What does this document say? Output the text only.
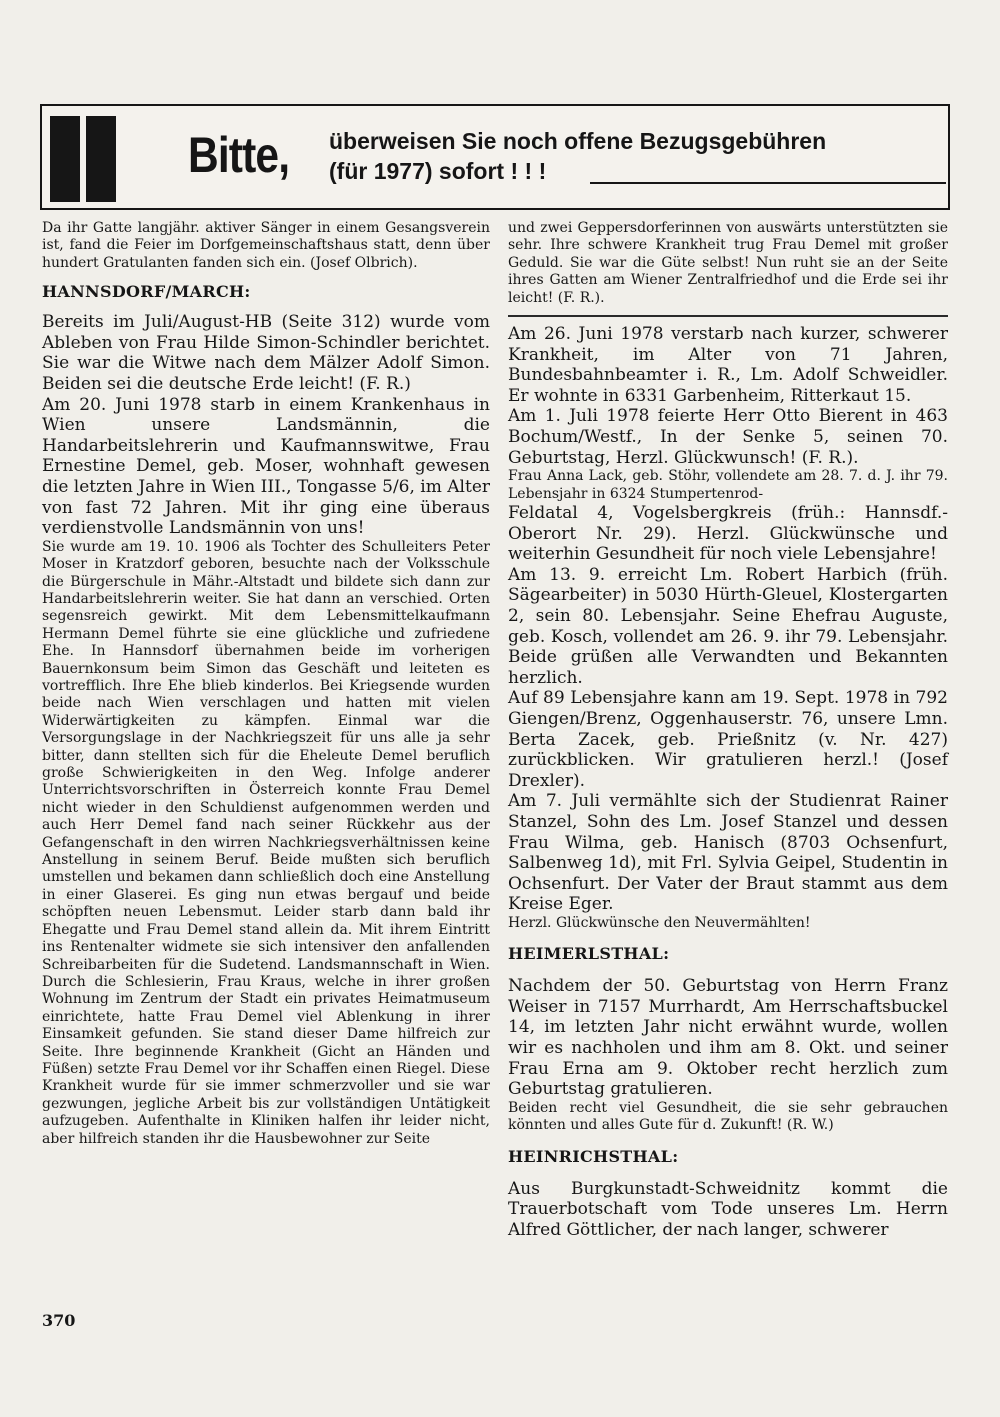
Bitte, überweisen Sie noch offene Bezugsgebühren
(für 1977) sofort ! ! !

Da ihr Gatte langjähr. aktiver Sänger in einem Gesangsverein ist, fand die Feier im Dorfgemeinschaftshaus statt, denn über hundert Gratulanten fanden sich ein. (Josef Olbrich).

HANNSDORF/MARCH:

Bereits im Juli/August-HB (Seite 312) wurde vom Ableben von Frau Hilde Simon-Schindler berichtet. Sie war die Witwe nach dem Mälzer Adolf Simon. Beiden sei die deutsche Erde leicht! (F. R.)

Am 20. Juni 1978 starb in einem Krankenhaus in Wien unsere Landsmännin, die Handarbeitslehrerin und Kaufmannswitwe, Frau Ernestine Demel, geb. Moser, wohnhaft gewesen die letzten Jahre in Wien III., Tongasse 5/6, im Alter von fast 72 Jahren. Mit ihr ging eine überaus verdienstvolle Landsmännin von uns!

Sie wurde am 19. 10. 1906 als Tochter des Schulleiters Peter Moser in Kratzdorf geboren, besuchte nach der Volksschule die Bürgerschule in Mähr.-Altstadt und bildete sich dann zur Handarbeitslehrerin weiter. Sie hat dann an verschied. Orten segensreich gewirkt. Mit dem Lebensmittelkaufmann Hermann Demel führte sie eine glückliche und zufriedene Ehe. In Hannsdorf übernahmen beide im vorherigen Bauernkonsum beim Simon das Geschäft und leiteten es vortrefflich. Ihre Ehe blieb kinderlos. Bei Kriegsende wurden beide nach Wien verschlagen und hatten mit vielen Widerwärtigkeiten zu kämpfen. Einmal war die Versorgungslage in der Nachkriegszeit für uns alle ja sehr bitter, dann stellten sich für die Eheleute Demel beruflich große Schwierigkeiten in den Weg. Infolge anderer Unterrichtsvorschriften in Österreich konnte Frau Demel nicht wieder in den Schuldienst aufgenommen werden und auch Herr Demel fand nach seiner Rückkehr aus der Gefangenschaft in den wirren Nachkriegsverhältnissen keine Anstellung in seinem Beruf. Beide mußten sich beruflich umstellen und bekamen dann schließlich doch eine Anstellung in einer Glaserei. Es ging nun etwas bergauf und beide schöpften neuen Lebensmut. Leider starb dann bald ihr Ehegatte und Frau Demel stand allein da. Mit ihrem Eintritt ins Rentenalter widmete sie sich intensiver den anfallenden Schreibarbeiten für die Sudetend. Landsmannschaft in Wien. Durch die Schlesierin, Frau Kraus, welche in ihrer großen Wohnung im Zentrum der Stadt ein privates Heimatmuseum einrichtete, hatte Frau Demel viel Ablenkung in ihrer Einsamkeit gefunden. Sie stand dieser Dame hilfreich zur Seite. Ihre beginnende Krankheit (Gicht an Händen und Füßen) setzte Frau Demel vor ihr Schaffen einen Riegel. Diese Krankheit wurde für sie immer schmerzvoller und sie war gezwungen, jegliche Arbeit bis zur vollständigen Untätigkeit aufzugeben. Aufenthalte in Kliniken halfen ihr leider nicht, aber hilfreich standen ihr die Hausbewohner zur Seite

und zwei Geppersdorferinnen von auswärts unterstützten sie sehr. Ihre schwere Krankheit trug Frau Demel mit großer Geduld. Sie war die Güte selbst! Nun ruht sie an der Seite ihres Gatten am Wiener Zentralfriedhof und die Erde sei ihr leicht! (F. R.).

Am 26. Juni 1978 verstarb nach kurzer, schwerer Krankheit, im Alter von 71 Jahren, Bundesbahnbeamter i. R., Lm. Adolf Schweidler. Er wohnte in 6331 Garbenheim, Ritterkaut 15.

Am 1. Juli 1978 feierte Herr Otto Bierent in 463 Bochum/Westf., In der Senke 5, seinen 70. Geburtstag, Herzl. Glückwunsch! (F. R.).

Frau Anna Lack, geb. Stöhr, vollendete am 28. 7. d. J. ihr 79. Lebensjahr in 6324 Stumpertenrod-

Feldatal 4, Vogelsbergkreis (früh.: Hannsdf.-Oberort Nr. 29). Herzl. Glückwünsche und weiterhin Gesundheit für noch viele Lebensjahre!

Am 13. 9. erreicht Lm. Robert Harbich (früh. Sägearbeiter) in 5030 Hürth-Gleuel, Klostergarten 2, sein 80. Lebensjahr. Seine Ehefrau Auguste, geb. Kosch, vollendet am 26. 9. ihr 79. Lebensjahr. Beide grüßen alle Verwandten und Bekannten herzlich.

Auf 89 Lebensjahre kann am 19. Sept. 1978 in 792 Giengen/Brenz, Oggenhauserstr. 76, unsere Lmn. Berta Zacek, geb. Prießnitz (v. Nr. 427) zurückblicken. Wir gratulieren herzl.! (Josef Drexler).

Am 7. Juli vermählte sich der Studienrat Rainer Stanzel, Sohn des Lm. Josef Stanzel und dessen Frau Wilma, geb. Hanisch (8703 Ochsenfurt, Salbenweg 1d), mit Frl. Sylvia Geipel, Studentin in Ochsenfurt. Der Vater der Braut stammt aus dem Kreise Eger.

Herzl. Glückwünsche den Neuvermählten!

HEIMERLSTHAL:

Nachdem der 50. Geburtstag von Herrn Franz Weiser in 7157 Murrhardt, Am Herrschaftsbuckel 14, im letzten Jahr nicht erwähnt wurde, wollen wir es nachholen und ihm am 8. Okt. und seiner Frau Erna am 9. Oktober recht herzlich zum Geburtstag gratulieren.

Beiden recht viel Gesundheit, die sie sehr gebrauchen könnten und alles Gute für d. Zukunft! (R. W.)

HEINRICHSTHAL:

Aus Burgkunstadt-Schweidnitz kommt die Trauerbotschaft vom Tode unseres Lm. Herrn Alfred Göttlicher, der nach langer, schwerer

370
